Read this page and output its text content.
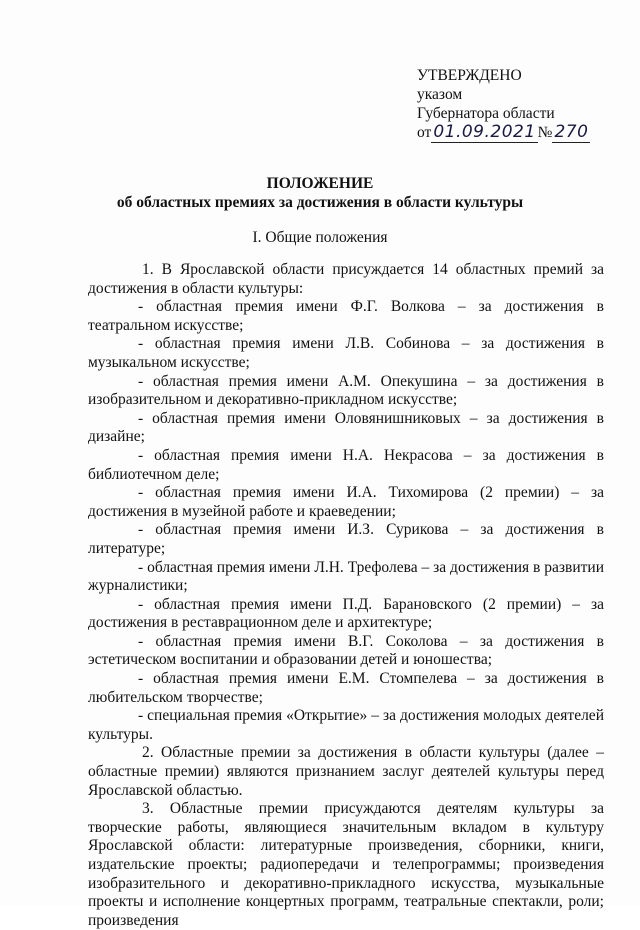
УТВЕРЖДЕНО
указом
Губернатора области
от 01.09.2021 № 270
ПОЛОЖЕНИЕ
об областных премиях за достижения в области культуры
I. Общие положения

1. В Ярославской области присуждается 14 областных премий за достижения в области культуры:

- областная премия имени Ф.Г. Волкова – за достижения в театральном искусстве;

- областная премия имени Л.В. Собинова – за достижения в музыкальном искусстве;

- областная премия имени А.М. Опекушина – за достижения в изобразительном и декоративно-прикладном искусстве;

- областная премия имени Оловянишниковых – за достижения в дизайне;

- областная премия имени Н.А. Некрасова – за достижения в библиотечном деле;

- областная премия имени И.А. Тихомирова (2 премии) – за достижения в музейной работе и краеведении;

- областная премия имени И.З. Сурикова – за достижения в литературе;

- областная премия имени Л.Н. Трефолева – за достижения в развитии журналистики;

- областная премия имени П.Д. Барановского (2 премии) – за достижения в реставрационном деле и архитектуре;

- областная премия имени В.Г. Соколова – за достижения в эстетическом воспитании и образовании детей и юношества;

- областная премия имени Е.М. Стомпелева – за достижения в любительском творчестве;

- специальная премия «Открытие» – за достижения молодых деятелей культуры.

2. Областные премии за достижения в области культуры (далее – областные премии) являются признанием заслуг деятелей культуры перед Ярославской областью.

3. Областные премии присуждаются деятелям культуры за творческие работы, являющиеся значительным вкладом в культуру Ярославской области: литературные произведения, сборники, книги, издательские проекты; радиопередачи и телепрограммы; произведения изобразительного и декоративно-прикладного искусства, музыкальные проекты и исполнение концертных программ, театральные спектакли, роли; произведения
